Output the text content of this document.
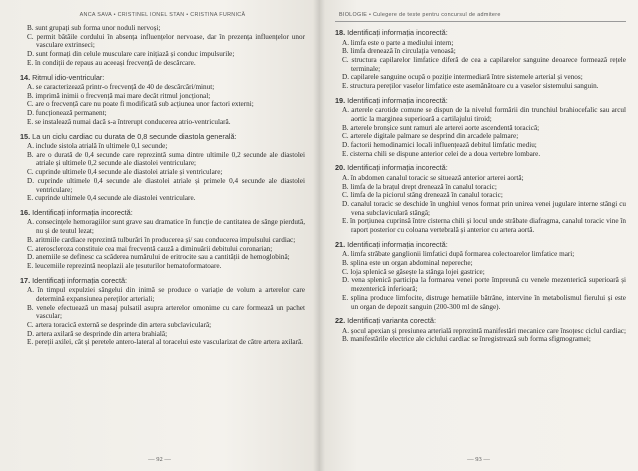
ANCA SAVA • CRISTINEL IONEL STAN • CRISTINA FURNICĂ

B. sunt grupați sub forma unor noduli nervoși;

C. permit bătăile cordului în absența influențelor nervoase, dar în prezența influențelor unor vasculare extrinseci;

D. sunt formați din celule musculare care inițiază și conduc impulsurile;

E. în condiții de repaus au aceeași frecvență de descărcare.

14. Ritmul idio-ventricular:

A. se caracterizează printr-o frecvență de 40 de descărcări/minut;

B. imprimă inimii o frecvență mai mare decât ritmul joncțional;

C. are o frecvență care nu poate fi modificată sub acțiunea unor factori externi;

D. funcționează permanent;

E. se instalează numai dacă s-a întrerupt conducerea atrio-ventriculară.

15. La un ciclu cardiac cu durata de 0,8 secunde diastola generală:

A. include sistola atrială în ultimele 0,1 secunde;

B. are o durată de 0,4 secunde care reprezintă suma dintre ultimile 0,2 secunde ale diastolei atriale și ultimele 0,2 secunde ale diastolei ventriculare;

C. cuprinde ultimele 0,4 secunde ale diastolei atriale și ventriculare;

D. cuprinde ultimele 0,4 secunde ale diastolei atriale și primele 0,4 secunde ale diastolei ventriculare;

E. cuprinde ultimele 0,4 secunde ale diastolei ventriculare.

16. Identificați informația incorectă:

A. consecințele hemoragiilor sunt grave sau dramatice în funcție de cantitatea de sânge pierdută, nu și de teutul lezat;

B. aritmiile cardiace reprezintă tulburări în producerea și/ sau conducerea impulsului cardiac;

C. ateroscleroza constituie cea mai frecventă cauză a diminuării debitului coronarian;

D. anemiile se definesc ca scăderea numărului de eritrocite sau a cantității de hemoglobină;

E. leucemiile reprezintă neoplazii ale țesuturilor hematoformatoare.

17. Identificați informația corectă:

A. în timpul expulziei sângelui din inimă se produce o variație de volum a arterelor care determină expansiunea pereților arteriali;

B. venele efectuează un masaj pulsatil asupra arterelor omonime cu care formează un pachet vascular;

C. artera toracică externă se desprinde din artera subclaviculară;

D. artera axilară se desprinde din artera brahială;

E. pereții axilei, cât și peretele antero-lateral al toracelui este vascularizat de către artera axilară.

— 92 —
BIOLOGIE • Culegere de teste pentru concursul de admitere
18. Identificați informația incorectă:

A. limfa este o parte a mediului intern;

B. limfa drenează în circulația venoasă;

C. structura capilarelor limfatice diferă de cea a capilarelor sanguine deoarece formează rețele terminale;

D. capilarele sanguine ocupă o poziție intermediară între sistemele arterial și venos;

E. structura pereților vaselor limfatice este asemănătoare cu a vaselor sistemului sanguin.

19. Identificați informația incorectă:

A. arterele carotide comune se dispun de la nivelul formării din trunchiul brahiocefalic sau arcul aortic la marginea superioară a cartilajului tiroid;

B. arterele bronșice sunt ramuri ale arterei aorte ascendentă toracică;

C. arterele digitale palmare se desprind din arcadele palmare;

D. factorii hemodinamici locali influențează debitul limfatic mediu;

E. cisterna chili se dispune anterior celei de a doua vertebre lombare.

20. Identificați informația incorectă:

A. în abdomen canalul toracic se situează anterior arterei aortă;

B. limfa de la brațul drept drenează în canalul toracic;

C. limfa de la piciorul stâng drenează în canalul toracic;

D. canalul toracic se deschide în unghiul venos format prin unirea venei jugulare interne stângi cu vena subclaviculară stângă;

E. în porțiunea cuprinsă între cisterna chili și locul unde străbate diafragma, canalul toracic vine în raport posterior cu coloana vertebrală și anterior cu artera aortă.

21. Identificați informația incorectă:

A. limfa străbate ganglionii limfatici după formarea colectoarelor limfatice mari;

B. splina este un organ abdominal nepereche;

C. loja splenică se găsește la stânga lojei gastrice;

D. vena splenică participa la formarea venei porte împreună cu venele mezenterică superioară și mezenterică inferioară;

E. splina produce limfocite, distruge hematiile bătrâne, intervine în metabolismul fierului și este un organ de depozit sanguin (200-300 ml de sânge).

22. Identificați varianta corectă:

A. șocul apexian și presiunea arterială reprezintă manifestări mecanice care însoțesc ciclul cardiac;

B. manifestările electrice ale ciclului cardiac se înregistrează sub forma sfigmogramei;

— 93 —
